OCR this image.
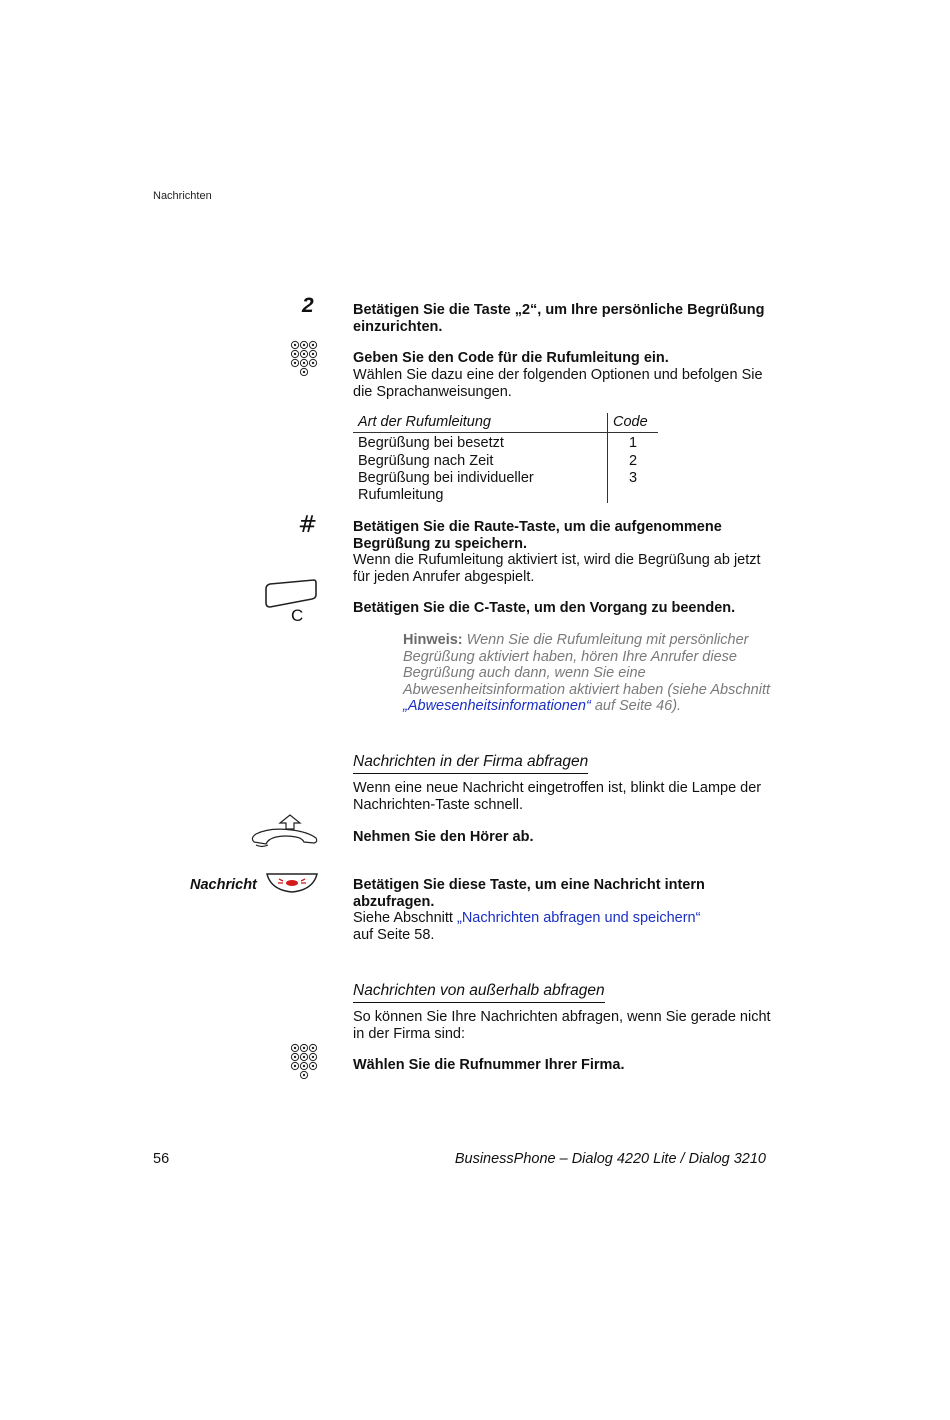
Nachrichten
2	Betätigen Sie die Taste „2“, um Ihre persönliche Begrüßung einzurichten.
Geben Sie den Code für die Rufumleitung ein.
Wählen Sie dazu eine der folgenden Optionen und befolgen Sie die Sprachanweisungen.
Art der Rufumleitung	Code
Begrüßung bei besetzt	1
Begrüßung nach Zeit	2

Begrüßung bei individueller Rufumleitung	3
# Betätigen Sie die Raute-Taste, um die aufgenommene Begrüßung zu speichern.
Wenn die Rufumleitung aktiviert ist, wird die Begrüßung ab jetzt für jeden Anrufer abgespielt.
C	Betätigen Sie die C-Taste, um den Vorgang zu beenden.
Hinweis: Wenn Sie die Rufumleitung mit persönlicher Begrüßung aktiviert haben, hören Ihre Anrufer diese Begrüßung auch dann, wenn Sie eine Abwesenheitsinformation aktiviert haben (siehe Abschnitt „Abwesenheitsinformationen“ auf Seite 46).
Nachrichten in der Firma abfragen
Wenn eine neue Nachricht eingetroffen ist, blinkt die Lampe der Nachrichten-Taste schnell.
Nehmen Sie den Hörer ab.
Nachricht	Betätigen Sie diese Taste, um eine Nachricht intern abzufragen.
Siehe Abschnitt „Nachrichten abfragen und speichern“ auf Seite 58.
Nachrichten von außerhalb abfragen
So können Sie Ihre Nachrichten abfragen, wenn Sie gerade nicht in der Firma sind:
Wählen Sie die Rufnummer Ihrer Firma.
56	BusinessPhone – Dialog 4220 Lite / Dialog 3210
